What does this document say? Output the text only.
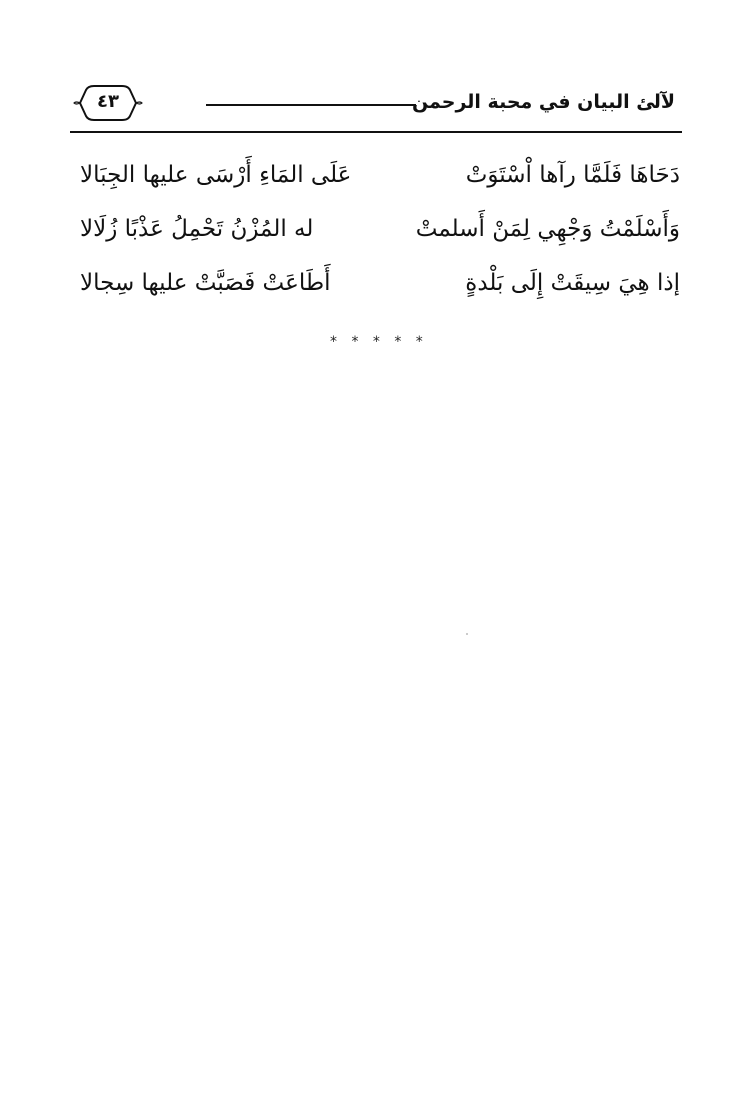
لآلئ البيان في محبة الرحمن
٤٣
دَحَاهَا فَلَمَّا رآها اْسْتَوَتْ
عَلَى المَاءِ أَرْسَى عليها الجِبَالا
وَأَسْلَمْتُ وَجْهِي لِمَنْ أَسلمتْ
له المُزْنُ تَحْمِلُ عَذْبًا زُلَالا
إذا هِيَ سِيقَتْ إِلَى بَلْدةٍ
أَطَاعَتْ فَصَبَّتْ عليها سِجالا
* * * * *
